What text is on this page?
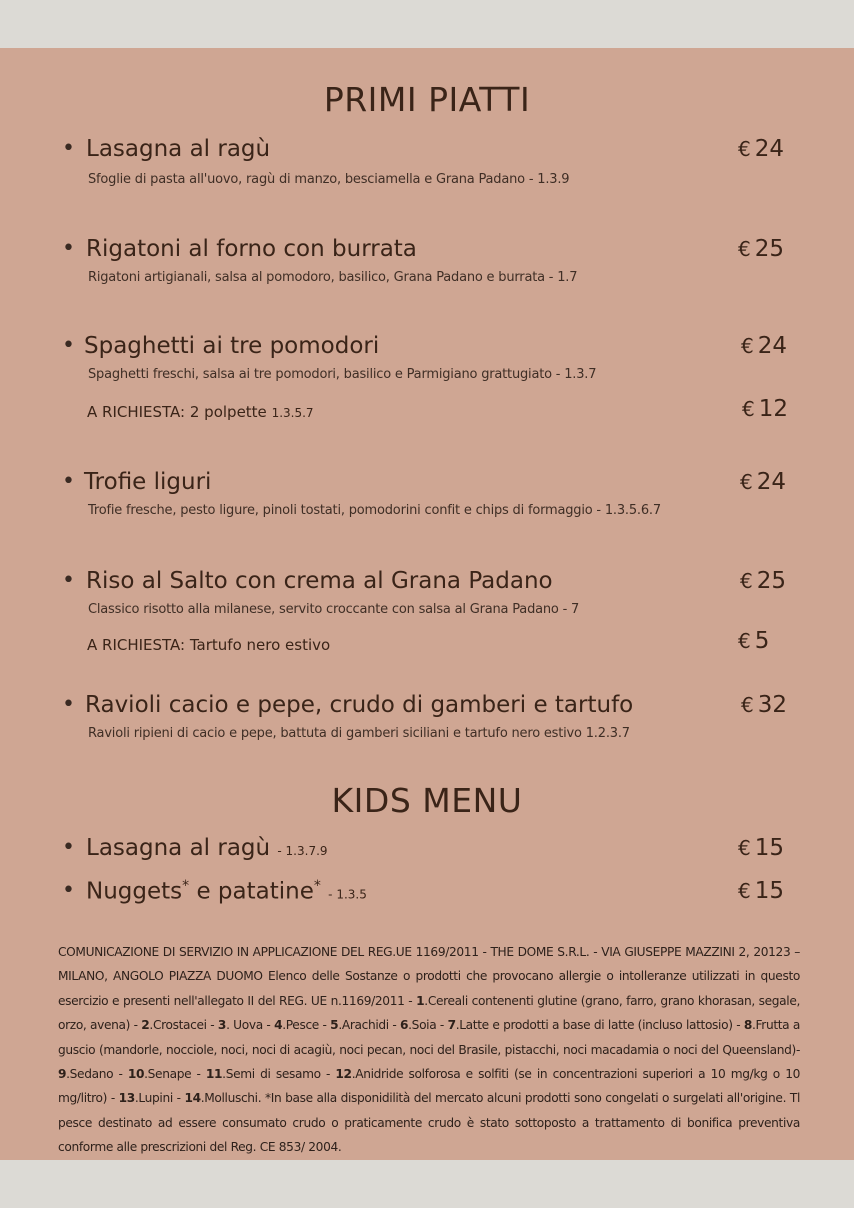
PRIMI PIATTI
Lasagna al ragù	€ 24
Sfoglie di pasta all'uovo, ragù di manzo, besciamella e Grana Padano - 1.3.9
Rigatoni al forno con burrata	€ 25
Rigatoni artigianali, salsa al pomodoro, basilico, Grana Padano e burrata - 1.7
Spaghetti ai tre pomodori	€ 24
Spaghetti freschi, salsa ai tre pomodori, basilico e Parmigiano grattugiato - 1.3.7
A RICHIESTA: 2 polpette 1.3.5.7	€ 12
Trofie liguri	€ 24
Trofie fresche, pesto ligure, pinoli tostati, pomodorini confit e chips di formaggio - 1.3.5.6.7
Riso al Salto con crema al Grana Padano	€ 25
Classico risotto alla milanese, servito croccante con salsa al Grana Padano - 7
A RICHIESTA: Tartufo nero estivo	€ 5
Ravioli cacio e pepe, crudo di gamberi e tartufo	€ 32
Ravioli ripieni di cacio e pepe, battuta di gamberi siciliani e tartufo nero estivo 1.2.3.7
KIDS MENU
Lasagna al ragù - 1.3.7.9	€ 15
Nuggets* e patatine* - 1.3.5	€ 15
COMUNICAZIONE DI SERVIZIO IN APPLICAZIONE DEL REG.UE 1169/2011 - THE DOME S.R.L. - VIA GIUSEPPE MAZZINI 2, 20123 – MILANO, ANGOLO PIAZZA DUOMO Elenco delle Sostanze o prodotti che provocano allergie o intolleranze utilizzati in questo esercizio e presenti nell'allegato II del REG. UE n.1169/2011 - 1.Cereali contenenti glutine (grano, farro, grano khorasan, segale, orzo, avena) - 2.Crostacei - 3. Uova - 4.Pesce - 5.Arachidi - 6.Soia - 7.Latte e prodotti a base di latte (incluso lattosio) - 8.Frutta a guscio (mandorle, nocciole, noci, noci di acagiù, noci pecan, noci del Brasile, pistacchi, noci macadamia o noci del Queensland)- 9.Sedano - 10.Senape - 11.Semi di sesamo - 12.Anidride solforosa e solfiti (se in concentrazioni superiori a 10 mg/kg o 10 mg/litro) - 13.Lupini - 14.Molluschi. *In base alla disponidilità del mercato alcuni prodotti sono congelati o surgelati all'origine. Tl pesce destinato ad essere consumato crudo o praticamente crudo è stato sottoposto a trattamento di bonifica preventiva conforme alle prescrizioni del Reg. CE 853/ 2004.
